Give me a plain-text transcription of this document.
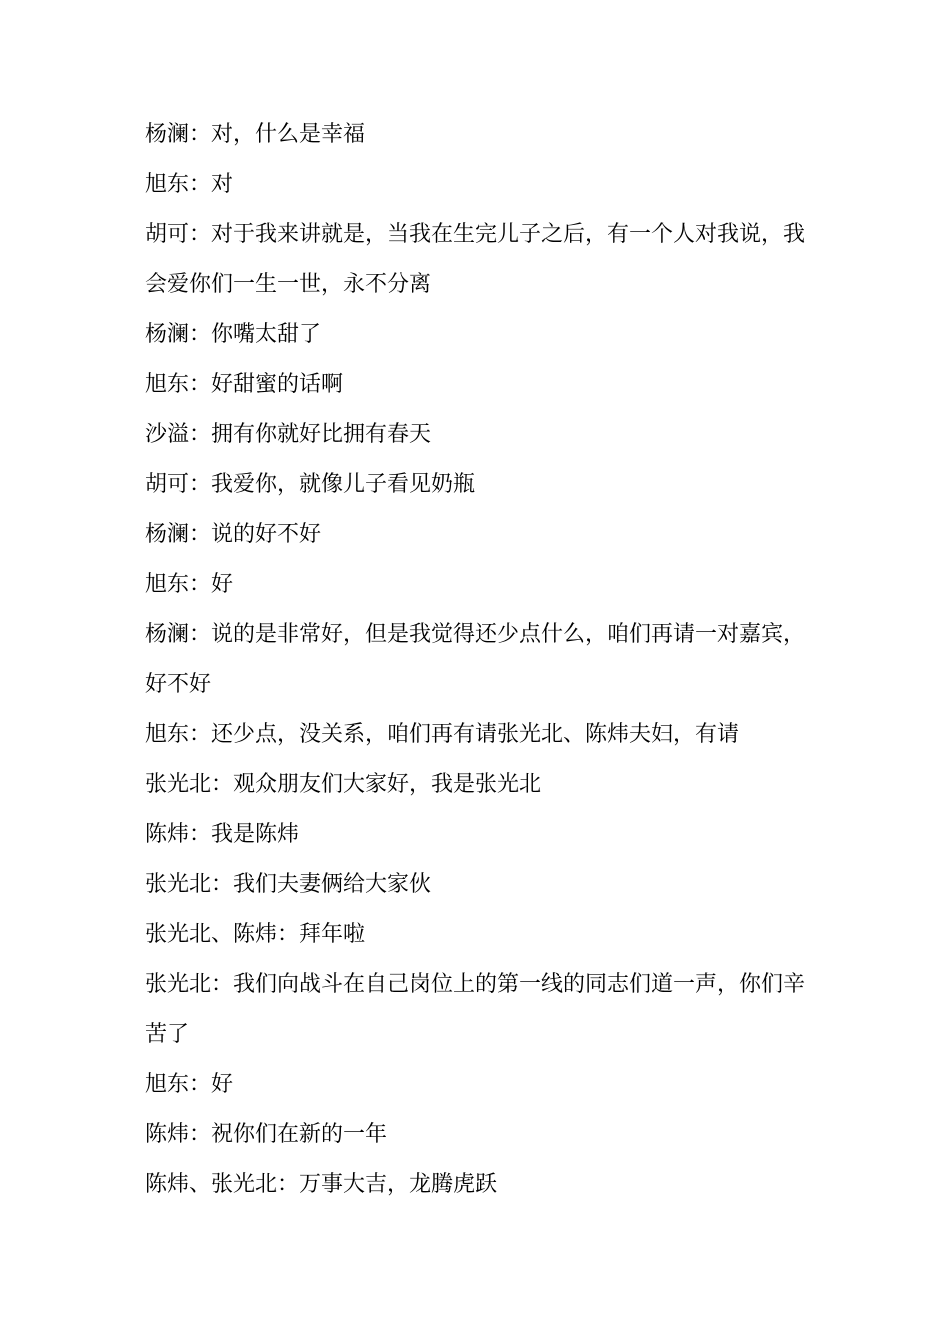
杨澜：对，什么是幸福
旭东：对
胡可：对于我来讲就是，当我在生完儿子之后，有一个人对我说，我
会爱你们一生一世，永不分离
杨澜：你嘴太甜了
旭东：好甜蜜的话啊
沙溢：拥有你就好比拥有春天
胡可：我爱你，就像儿子看见奶瓶
杨澜：说的好不好
旭东：好
杨澜：说的是非常好，但是我觉得还少点什么，咱们再请一对嘉宾，
好不好
旭东：还少点，没关系，咱们再有请张光北、陈炜夫妇，有请
张光北：观众朋友们大家好，我是张光北
陈炜：我是陈炜
张光北：我们夫妻俩给大家伙
张光北、陈炜：拜年啦
张光北：我们向战斗在自己岗位上的第一线的同志们道一声，你们辛
苦了
旭东：好
陈炜：祝你们在新的一年
陈炜、张光北：万事大吉，龙腾虎跃
